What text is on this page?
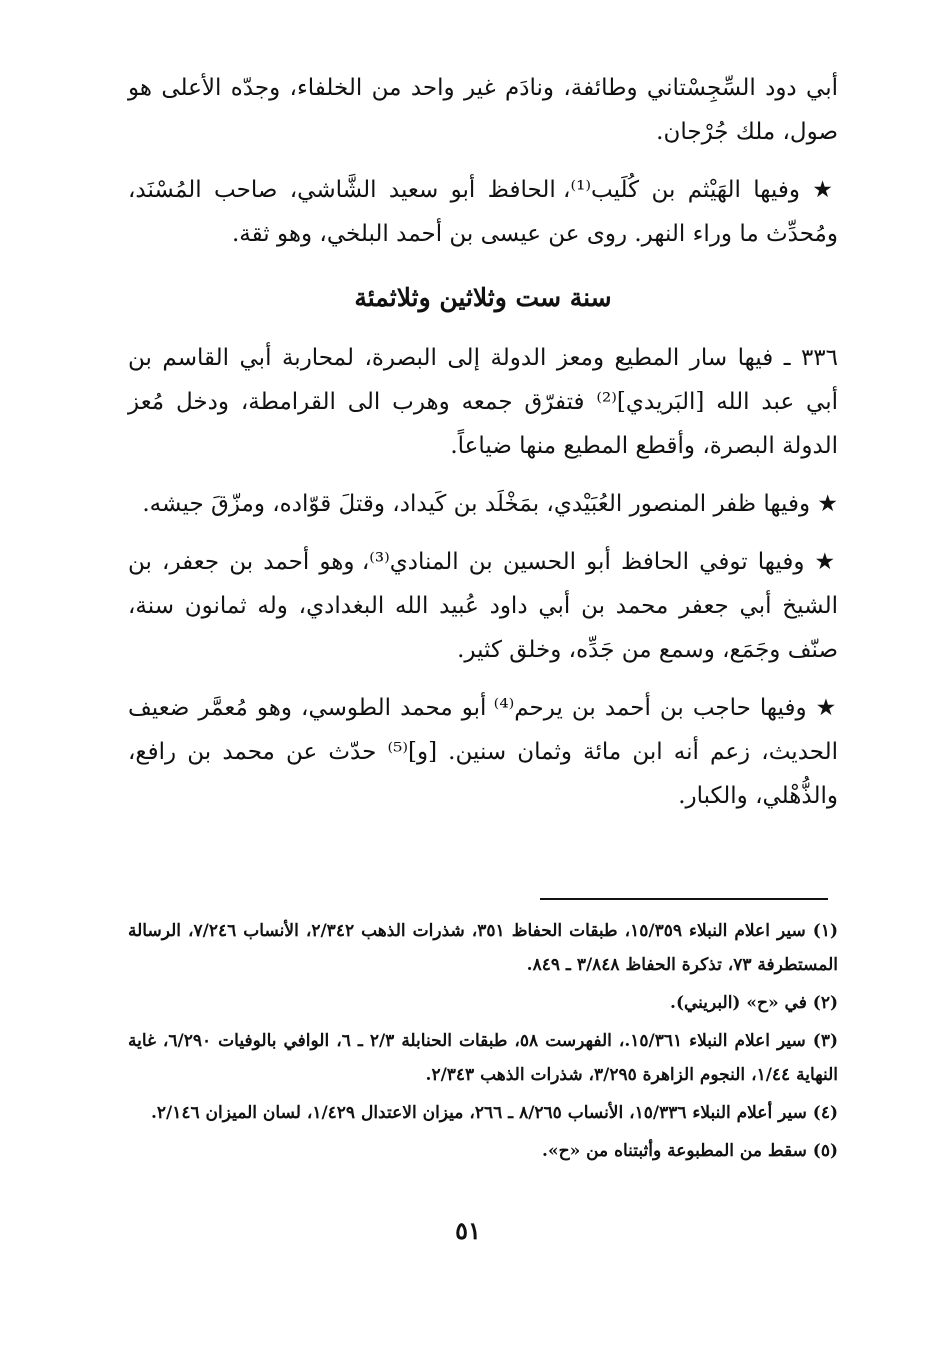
أبي دود السِّجِسْتاني وطائفة، ونادَم غير واحد من الخلفاء، وجدّه الأعلى هو صول، ملك جُرْجان.

★ وفيها الهَيْثم بن كُلَيب⁽¹⁾، الحافظ أبو سعيد الشَّاشي، صاحب المُسْنَد، ومُحدِّث ما وراء النهر. روى عن عيسى بن أحمد البلخي، وهو ثقة.

سنة ست وثلاثين وثلاثمئة

٣٣٦ ـ فيها سار المطيع ومعز الدولة إلى البصرة، لمحاربة أبي القاسم بن أبي عبد الله [البَريدي]⁽²⁾ فتفرّق جمعه وهرب الى القرامطة، ودخل مُعز الدولة البصرة، وأقطع المطيع منها ضياعاً.

★ وفيها ظفر المنصور العُبَيْدي، بمَخْلَد بن كَيداد، وقتلَ قوّاده، ومزّقَ جيشه.

★ وفيها توفي الحافظ أبو الحسين بن المنادي⁽³⁾، وهو أحمد بن جعفر، بن الشيخ أبي جعفر محمد بن أبي داود عُبيد الله البغدادي، وله ثمانون سنة، صنّف وجَمَع، وسمع من جَدِّه، وخلق كثير.

★ وفيها حاجب بن أحمد بن يرحم⁽⁴⁾ أبو محمد الطوسي، وهو مُعمَّر ضعيف الحديث، زعم أنه ابن مائة وثمان سنين. [و]⁽⁵⁾ حدّث عن محمد بن رافع، والذُّهْلي، والكبار.

(١) سير اعلام النبلاء ١٥/٣٥٩، طبقات الحفاظ ٣٥١، شذرات الذهب ٢/٣٤٢، الأنساب ٧/٢٤٦، الرسالة المستطرفة ٧٣، تذكرة الحفاظ ٣/٨٤٨ ـ ٨٤٩.
(٢) في «ح» (البريني).
(٣) سير اعلام النبلاء ١٥/٣٦١.، الفهرست ٥٨، طبقات الحنابلة ٢/٣ ـ ٦، الوافي بالوفيات ٦/٢٩٠، غاية النهاية ١/٤٤، النجوم الزاهرة ٣/٢٩٥، شذرات الذهب ٢/٣٤٣.
(٤) سير أعلام النبلاء ١٥/٣٣٦، الأنساب ٨/٢٦٥ ـ ٢٦٦، ميزان الاعتدال ١/٤٢٩، لسان الميزان ٢/١٤٦.
(٥) سقط من المطبوعة وأثبتناه من «ح».
٥١
